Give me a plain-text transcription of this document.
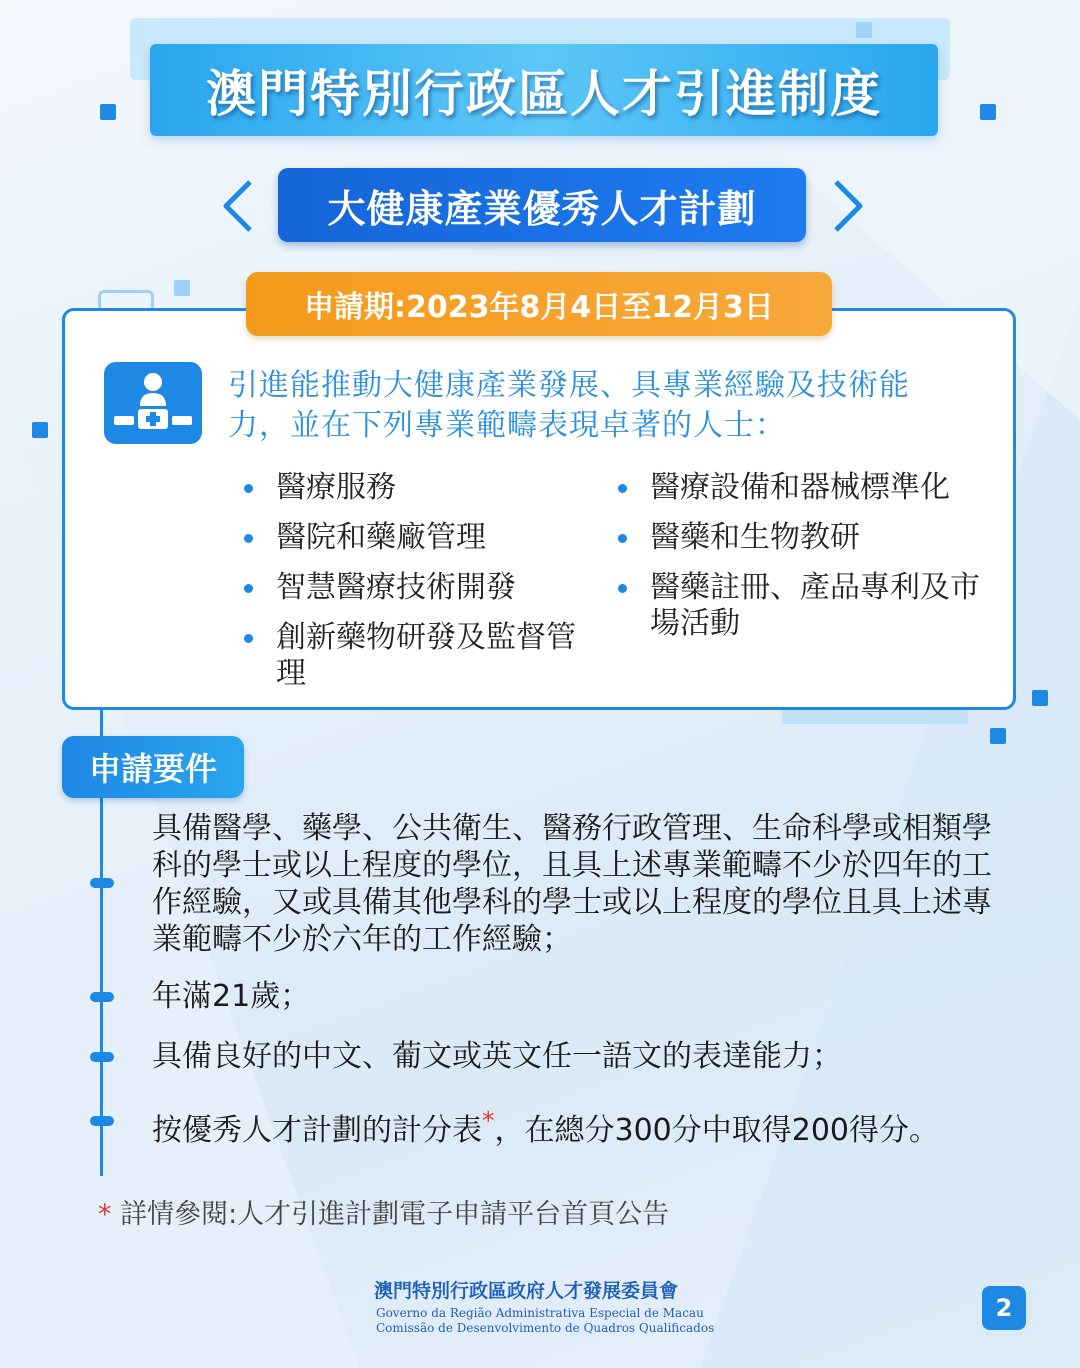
澳門特別行政區人才引進制度
大健康產業優秀人才計劃
申請期:2023年8月4日至12月3日
引進能推動大健康產業發展、具專業經驗及技術能
力，並在下列專業範疇表現卓著的人士：
醫療服務
醫院和藥廠管理
智慧醫療技術開發
創新藥物研發及監督管理
醫療設備和器械標準化
醫藥和生物教研
醫藥註冊、產品專利及市場活動
申請要件
具備醫學、藥學、公共衛生、醫務行政管理、生命科學或相類學科的學士或以上程度的學位，且具上述專業範疇不少於四年的工作經驗，又或具備其他學科的學士或以上程度的學位且具上述專業範疇不少於六年的工作經驗；
年滿21歲；
具備良好的中文、葡文或英文任一語文的表達能力；
按優秀人才計劃的計分表*，在總分300分中取得200得分。
* 詳情參閱:人才引進計劃電子申請平台首頁公告
澳門特別行政區政府人才發展委員會
Governo da Região Administrativa Especial de Macau
Comissão de Desenvolvimento de Quadros Qualificados
2
